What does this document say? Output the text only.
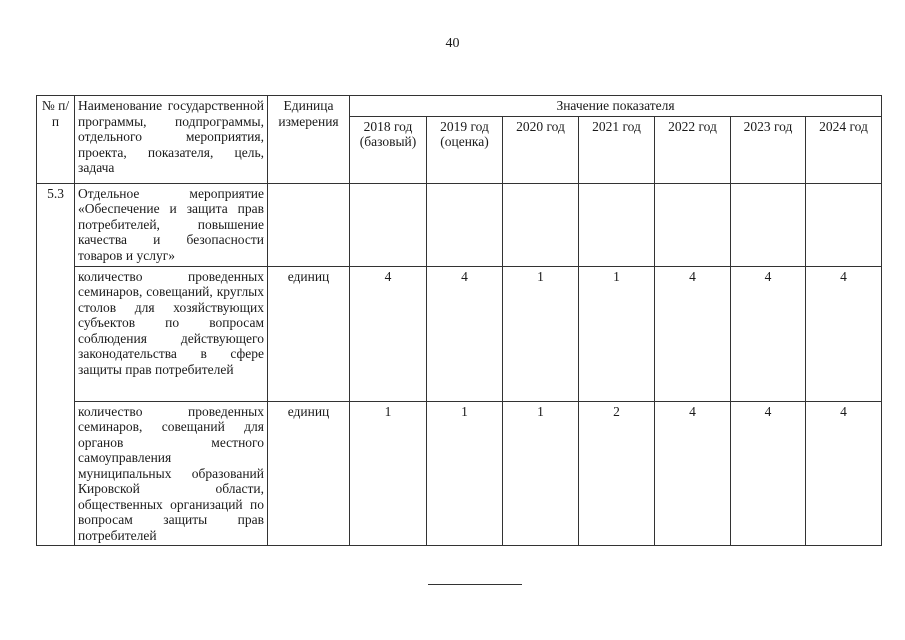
40
№ п/п	Наименование государственной программы, подпрограммы, отдельного мероприятия, проекта, показателя, цель, задача	Единица измерения	Значение показателя						
			2018 год (базовый)	2019 год (оценка)	2020 год	2021 год	2022 год	2023 год	2024 год
5.3	Отдельное мероприятие «Обеспечение и защита прав потребителей, повышение качества и безопасности товаров и услуг»								
	количество проведенных семинаров, совещаний, круглых столов для хозяйствующих субъектов по вопросам соблюдения действующего законодательства в сфере защиты прав потребителей	единиц	4	4	1	1	4	4	4
	количество проведенных семинаров, совещаний для органов местного самоуправления муниципальных образований Кировской области, общественных организаций по вопросам защиты прав потребителей	единиц	1	1	1	2	4	4	4
